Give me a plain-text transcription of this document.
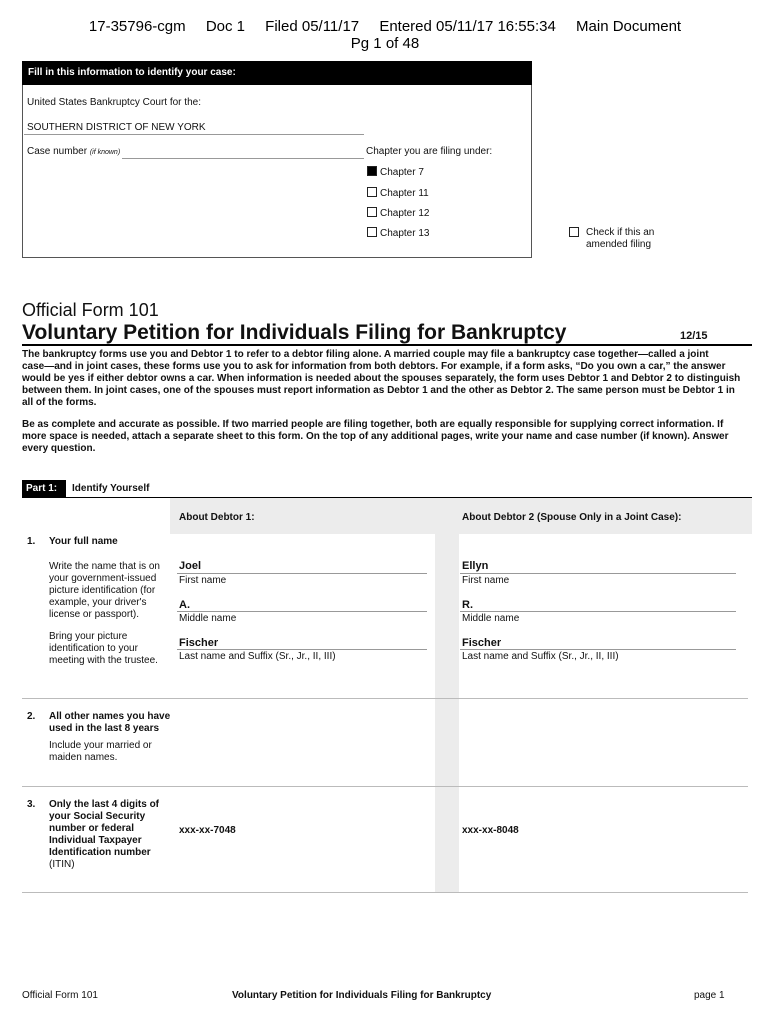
17-35796-cgm Doc 1 Filed 05/11/17 Entered 05/11/17 16:55:34 Main Document
Pg 1 of 48
Fill in this information to identify your case:
United States Bankruptcy Court for the:
SOUTHERN DISTRICT OF NEW YORK
Case number (if known)	Chapter you are filing under:
Chapter 7
Chapter 11
Chapter 12
Chapter 13	Check if this an
amended filing
Official Form 101
Voluntary Petition for Individuals Filing for Bankruptcy	12/15
The bankruptcy forms use you and Debtor 1 to refer to a debtor filing alone. A married couple may file a bankruptcy case together—called a joint
case—and in joint cases, these forms use you to ask for information from both debtors. For example, if a form asks, “Do you own a car,” the answer
would be yes if either debtor owns a car. When information is needed about the spouses separately, the form uses Debtor 1 and Debtor 2 to distinguish
between them. In joint cases, one of the spouses must report information as Debtor 1 and the other as Debtor 2. The same person must be Debtor 1 in
all of the forms.
Be as complete and accurate as possible. If two married people are filing together, both are equally responsible for supplying correct information. If
more space is needed, attach a separate sheet to this form. On the top of any additional pages, write your name and case number (if known). Answer
every question.
Part 1:	Identify Yourself
About Debtor 1:	About Debtor 2 (Spouse Only in a Joint Case):
1. Your full name
Write the name that is on
your government-issued
picture identification (for
example, your driver's
license or passport).
Bring your picture
identification to your
meeting with the trustee.
Joel
First name
A.
Middle name
Fischer
Last name and Suffix (Sr., Jr., II, III)
Ellyn
First name
R.
Middle name
Fischer
Last name and Suffix (Sr., Jr., II, III)
2. All other names you have
used in the last 8 years
Include your married or
maiden names.
3. Only the last 4 digits of
your Social Security
number or federal
Individual Taxpayer
Identification number
(ITIN)
xxx-xx-7048	xxx-xx-8048
Official Form 101	Voluntary Petition for Individuals Filing for Bankruptcy	page 1
